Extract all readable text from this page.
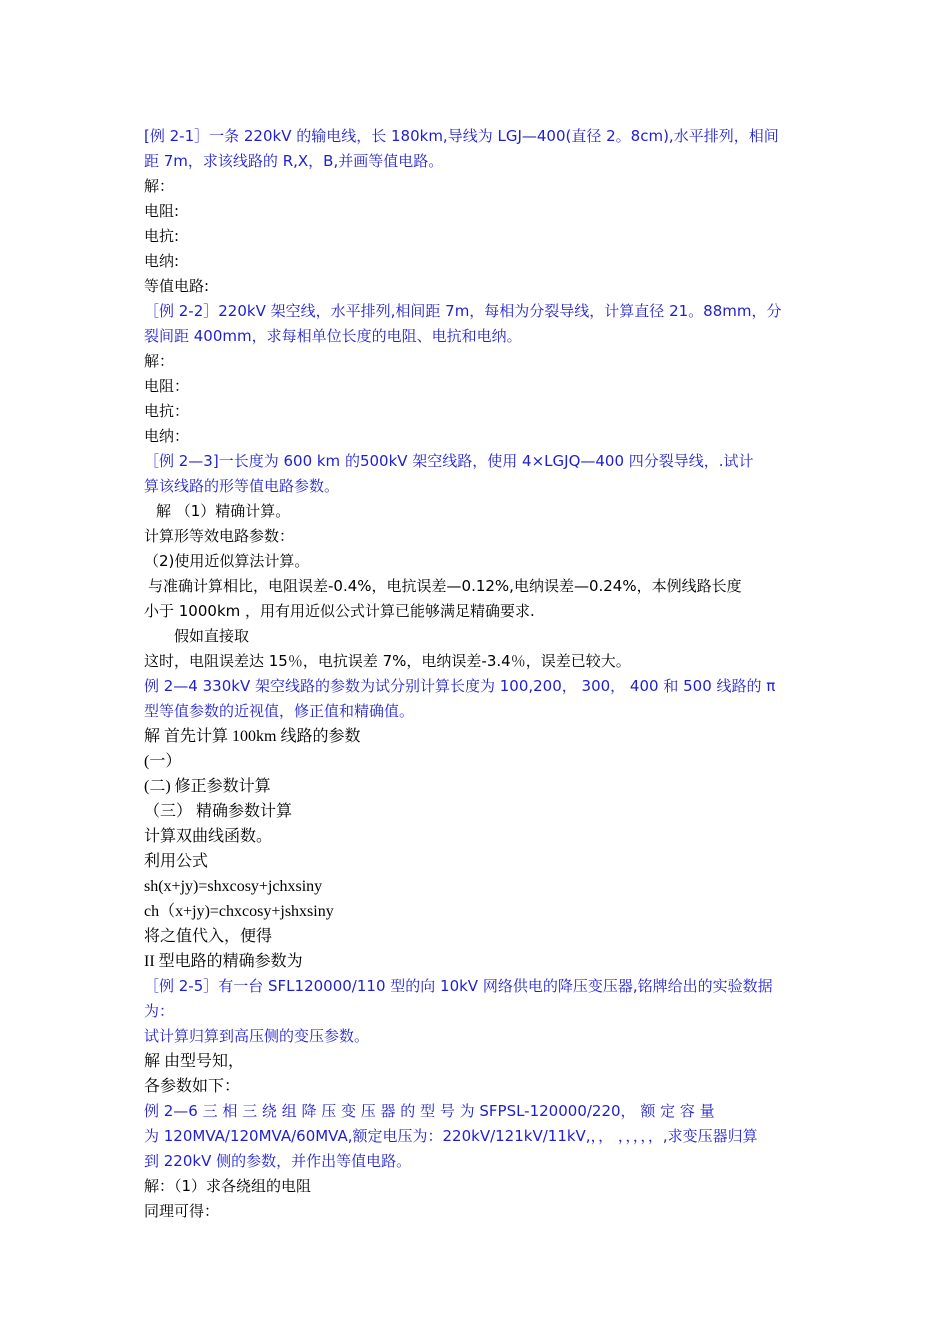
[例 2-1］一条 220kV 的输电线，长 180km,导线为 LGJ—400(直径 2。8cm),水平排列，相间
距 7m，求该线路的 R,X，B,并画等值电路。
解：
电阻:
电抗:
电纳:
等值电路:
［例 2-2］220kV 架空线，水平排列,相间距 7m，每相为分裂导线，计算直径 21。88mm，分
裂间距 400mm，求每相单位长度的电阻、电抗和电纳。
解：
电阻：
电抗：
电纳：
［例 2—3]一长度为 600 km 的500kV 架空线路，使用 4×LGJQ—400 四分裂导线，.试计
算该线路的形等值电路参数。
解 （1）精确计算。
计算形等效电路参数：
（2)使用近似算法计算。
与准确计算相比，电阻误差-0.4%，电抗误差—0.12%,电纳误差—0.24%，本例线路长度
小于 1000km ，用有用近似公式计算已能够满足精确要求.
假如直接取
这时，电阻误差达 15％，电抗误差 7%，电纳误差-3.4％，误差已较大。
例 2—4 330kV 架空线路的参数为试分别计算长度为 100,200， 300， 400 和 500 线路的 π
型等值参数的近视值，修正值和精确值。
解 首先计算 100km 线路的参数
(一）
(二) 修正参数计算
（三） 精确参数计算
计算双曲线函数。
利用公式
sh(x+jy)=shxcosy+jchxsiny
ch（x+jy)=chxcosy+jshxsiny
将之值代入，便得
II 型电路的精确参数为
［例 2-5］有一台 SFL120000/110 型的向 10kV 网络供电的降压变压器,铭牌给出的实验数据
为：
试计算归算到高压侧的变压参数。
解 由型号知，
各参数如下：
例 2—6 三 相 三 绕 组 降 压 变 压 器 的 型 号 为 SFPSL-120000/220， 额 定 容 量
为 120MVA/120MVA/60MVA,额定电压为：220kV/121kV/11kV,，， ，，，，，,求变压器归算
到 220kV 侧的参数，并作出等值电路。
解：（1）求各绕组的电阻
同理可得：
